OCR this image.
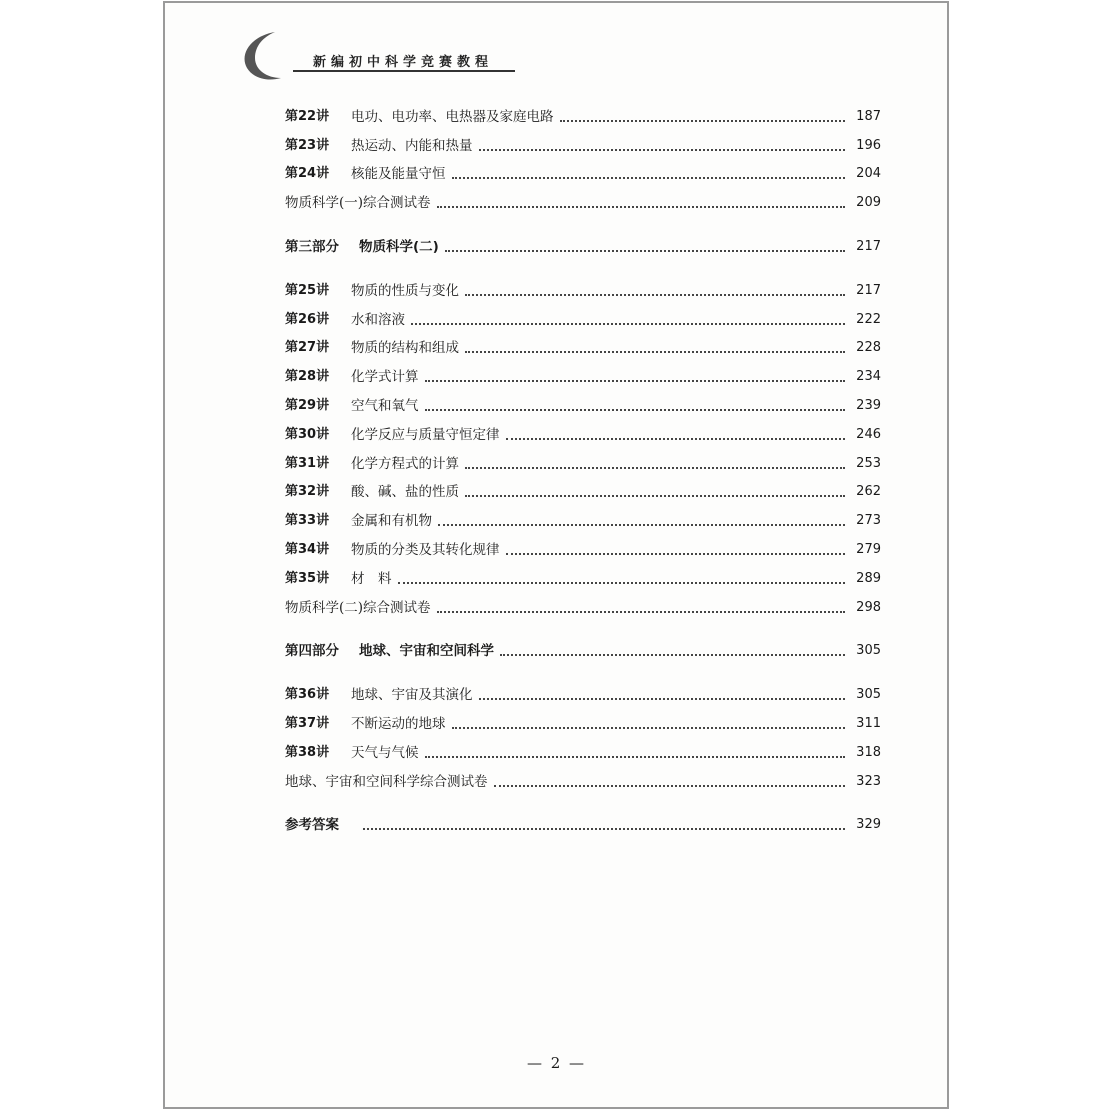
新编初中科学竞赛教程
第22讲	电功、电功率、电热器及家庭电路	187
第23讲	热运动、内能和热量	196
第24讲	核能及能量守恒	204
物质科学(一)综合测试卷	209
第三部分 物质科学(二)	217
第25讲	物质的性质与变化	217
第26讲	水和溶液	222
第27讲	物质的结构和组成	228
第28讲	化学式计算	234
第29讲	空气和氧气	239
第30讲	化学反应与质量守恒定律	246
第31讲	化学方程式的计算	253
第32讲	酸、碱、盐的性质	262
第33讲	金属和有机物	273
第34讲	物质的分类及其转化规律	279
第35讲	材　料	289
物质科学(二)综合测试卷	298
第四部分 地球、宇宙和空间科学	305
第36讲	地球、宇宙及其演化	305
第37讲	不断运动的地球	311
第38讲	天气与气候	318
地球、宇宙和空间科学综合测试卷	323
参考答案	329
— 2 —
